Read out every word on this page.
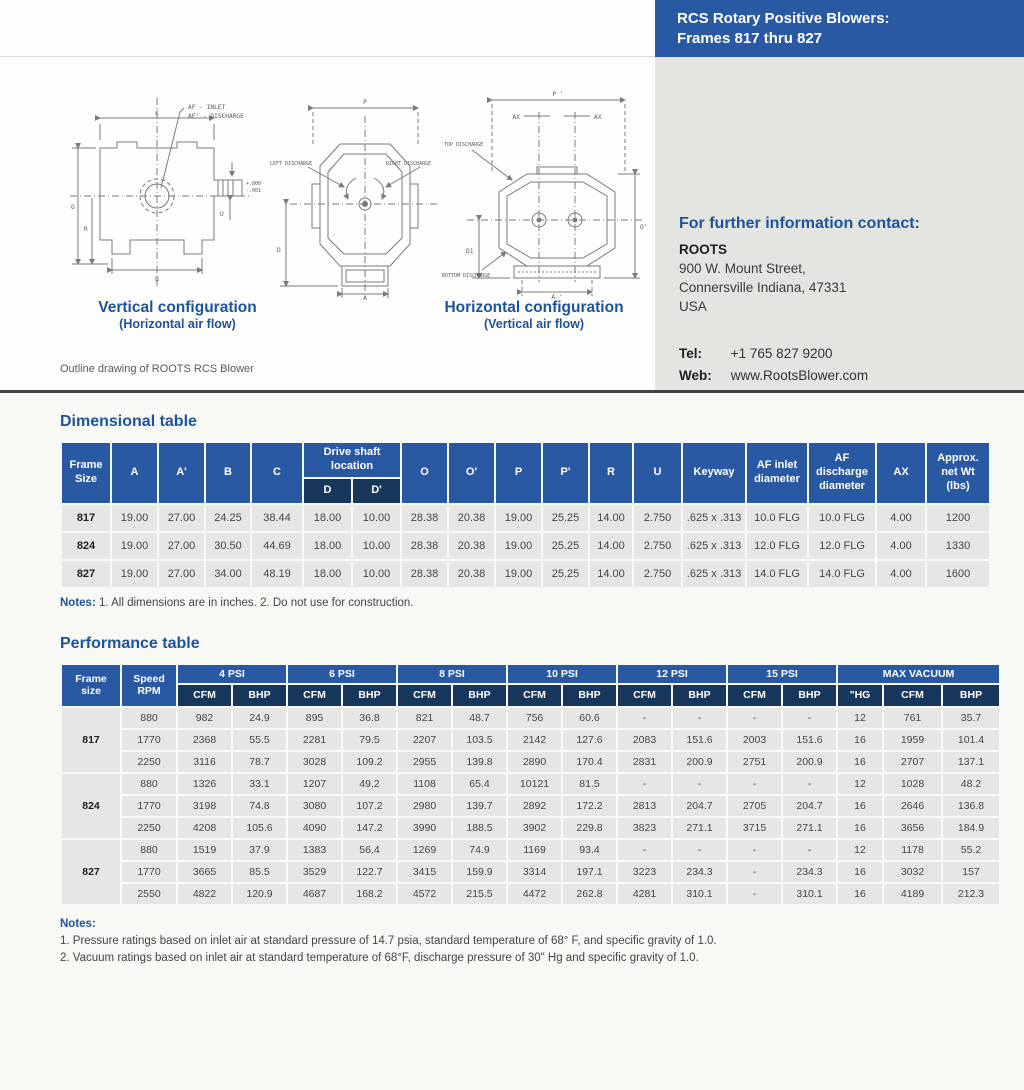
AF - INLET
AF' - DISCHARGE
C
O
R
B
U
+.000
-.001
P
LEFT DISCHARGE	RIGHT DISCHARGE
D
A
P '
AX	AX
TOP DISCHARGE
BOTTOM DISCHARGE
D1
O'
A '
Vertical configuration
(Horizontal air flow)
Horizontal configuration
(Vertical air flow)
Outline drawing of ROOTS RCS Blower
RCS Rotary Positive Blowers:
Frames 817 thru 827
For further information contact:
ROOTS
900 W. Mount Street,
Connersville Indiana, 47331
USA
Tel: +1 765 827 9200
Web: www.RootsBlower.com
Dimensional table
Frame Size	A	A'	B	C	Drive shaft location		O	O'	P	P'	R	U	Keyway	AF inlet diameter	AF discharge diameter	AX	Approx. net Wt (lbs)
					D	D'											
817	19.00	27.00	24.25	38.44	18.00	10.00	28.38	20.38	19.00	25.25	14.00	2.750	.625 x .313	10.0 FLG	10.0 FLG	4.00	1200
824	19.00	27.00	30.50	44.69	18.00	10.00	28.38	20.38	19.00	25.25	14.00	2.750	.625 x .313	12.0 FLG	12.0 FLG	4.00	1330
827	19.00	27.00	34.00	48.19	18.00	10.00	28.38	20.38	19.00	25.25	14.00	2.750	.625 x .313	14.0 FLG	14.0 FLG	4.00	1600

Notes: 1. All dimensions are in inches. 2. Do not use for construction.

Performance table
Frame size	Speed RPM	4 PSI		6 PSI		8 PSI		10 PSI		12 PSI		15 PSI		MAX VACUUM		
		CFM	BHP	CFM	BHP	CFM	BHP	CFM	BHP	CFM	BHP	CFM	BHP	"HG	CFM	BHP
817	880	982	24.9	895	36.8	821	48.7	756	60.6	-	-	-	-	12	761	35.7
	1770	2368	55.5	2281	79.5	2207	103.5	2142	127.6	2083	151.6	2003	151.6	16	1959	101.4
	2250	3116	78.7	3028	109.2	2955	139.8	2890	170.4	2831	200.9	2751	200.9	16	2707	137.1
824	880	1326	33.1	1207	49.2	1108	65.4	10121	81.5	-	-	-	-	12	1028	48.2
	1770	3198	74.8	3080	107.2	2980	139.7	2892	172.2	2813	204.7	2705	204.7	16	2646	136.8
	2250	4208	105.6	4090	147.2	3990	188.5	3902	229.8	3823	271.1	3715	271.1	16	3656	184.9
827	880	1519	37.9	1383	56.4	1269	74.9	1169	93.4	-	-	-	-	12	1178	55.2
	1770	3665	85.5	3529	122.7	3415	159.9	3314	197.1	3223	234.3	-	234.3	16	3032	157
	2550	4822	120.9	4687	168.2	4572	215.5	4472	262.8	4281	310.1	-	310.1	16	4189	212.3
Notes:
1. Pressure ratings based on inlet air at standard pressure of 14.7 psia, standard temperature of 68° F, and specific gravity of 1.0.
2. Vacuum ratings based on inlet air at standard temperature of 68°F, discharge pressure of 30" Hg and specific gravity of 1.0.
